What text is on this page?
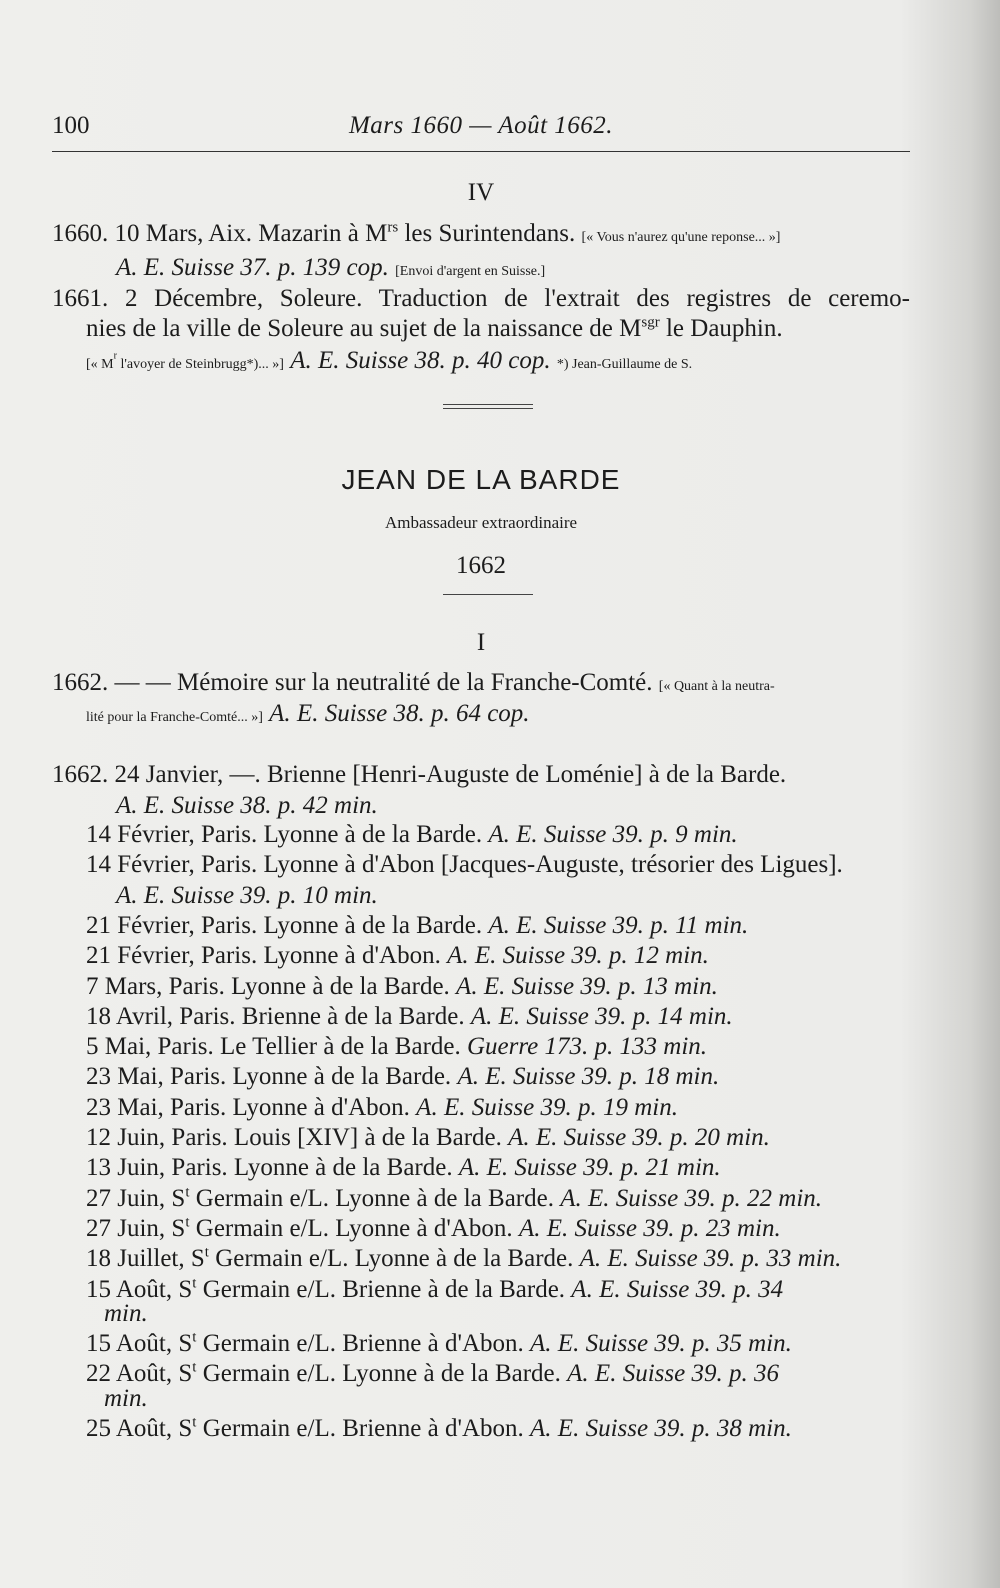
100	Mars 1660 — Août 1662.
IV
1660. 10 Mars, Aix. Mazarin à $M^{rs}$ les Surintendans. [« Vous n'aurez qu'une reponse... »]
A. E. Suisse 37. p. 139 cop. [Envoi d'argent en Suisse.]
1661. 2 Décembre, Soleure. Traduction de l'extrait des registres de ceremo-
nies de la ville de Soleure au sujet de la naissance de $M^{sgr}$ le Dauphin.
[« $M^r$ l'avoyer de Steinbrugg*)... »] A. E. Suisse 38. p. 40 cop. *) Jean-Guillaume de S.
JEAN DE LA BARDE
Ambassadeur extraordinaire
1662
I
1662. — — Mémoire sur la neutralité de la Franche-Comté. [« Quant à la neutra-
lité pour la Franche-Comté... »] A. E. Suisse 38. p. 64 cop.
1662. 24 Janvier, —. Brienne [Henri-Auguste de Loménie] à de la Barde.
A. E. Suisse 38. p. 42 min.
14 Février, Paris. Lyonne à de la Barde. A. E. Suisse 39. p. 9 min.
14 Février, Paris. Lyonne à d'Abon [Jacques-Auguste, trésorier des Ligues].
A. E. Suisse 39. p. 10 min.
21 Février, Paris. Lyonne à de la Barde. A. E. Suisse 39. p. 11 min.
21 Février, Paris. Lyonne à d'Abon. A. E. Suisse 39. p. 12 min.
7 Mars, Paris. Lyonne à de la Barde. A. E. Suisse 39. p. 13 min.
18 Avril, Paris. Brienne à de la Barde. A. E. Suisse 39. p. 14 min.
5 Mai, Paris. Le Tellier à de la Barde. Guerre 173. p. 133 min.
23 Mai, Paris. Lyonne à de la Barde. A. E. Suisse 39. p. 18 min.
23 Mai, Paris. Lyonne à d'Abon. A. E. Suisse 39. p. 19 min.
12 Juin, Paris. Louis [XIV] à de la Barde. A. E. Suisse 39. p. 20 min.
13 Juin, Paris. Lyonne à de la Barde. A. E. Suisse 39. p. 21 min.
27 Juin, $S^t$ Germain e/L. Lyonne à de la Barde. A. E. Suisse 39. p. 22 min.
27 Juin, $S^t$ Germain e/L. Lyonne à d'Abon. A. E. Suisse 39. p. 23 min.
18 Juillet, $S^t$ Germain e/L. Lyonne à de la Barde. A. E. Suisse 39. p. 33 min.
15 Août, $S^t$ Germain e/L. Brienne à de la Barde. A. E. Suisse 39. p. 34
min.
15 Août, $S^t$ Germain e/L. Brienne à d'Abon. A. E. Suisse 39. p. 35 min.
22 Août, $S^t$ Germain e/L. Lyonne à de la Barde. A. E. Suisse 39. p. 36
min.
25 Août, $S^t$ Germain e/L. Brienne à d'Abon. A. E. Suisse 39. p. 38 min.
